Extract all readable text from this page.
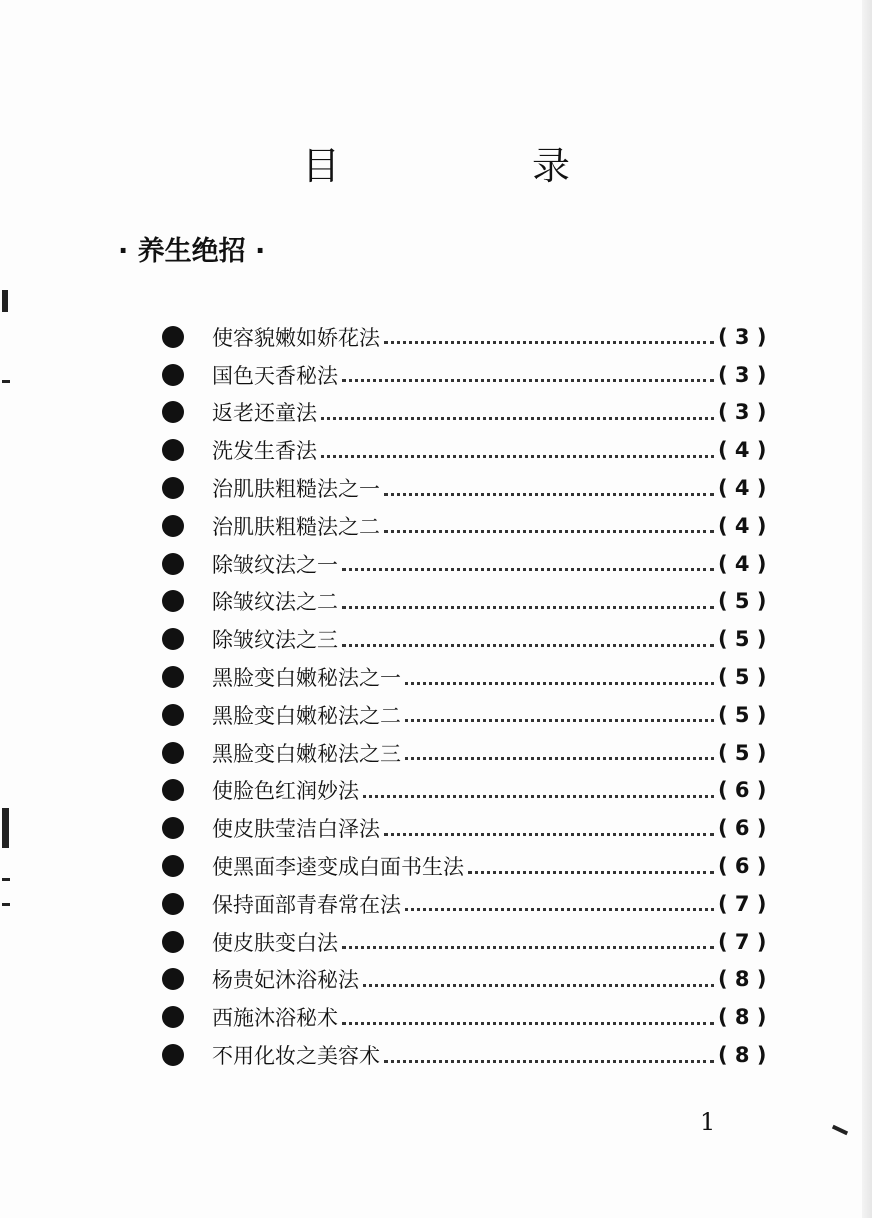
目 录
· 养生绝招 ·
使容貌嫩如娇花法	( 3 )
国色天香秘法	( 3 )
返老还童法	( 3 )
洗发生香法	( 4 )
治肌肤粗糙法之一	( 4 )
治肌肤粗糙法之二	( 4 )
除皱纹法之一	( 4 )
除皱纹法之二	( 5 )
除皱纹法之三	( 5 )
黑脸变白嫩秘法之一	( 5 )
黑脸变白嫩秘法之二	( 5 )
黑脸变白嫩秘法之三	( 5 )
使脸色红润妙法	( 6 )
使皮肤莹洁白泽法	( 6 )
使黑面李逵变成白面书生法	( 6 )
保持面部青春常在法	( 7 )
使皮肤变白法	( 7 )
杨贵妃沐浴秘法	( 8 )
西施沐浴秘术	( 8 )
不用化妆之美容术	( 8 )
1
